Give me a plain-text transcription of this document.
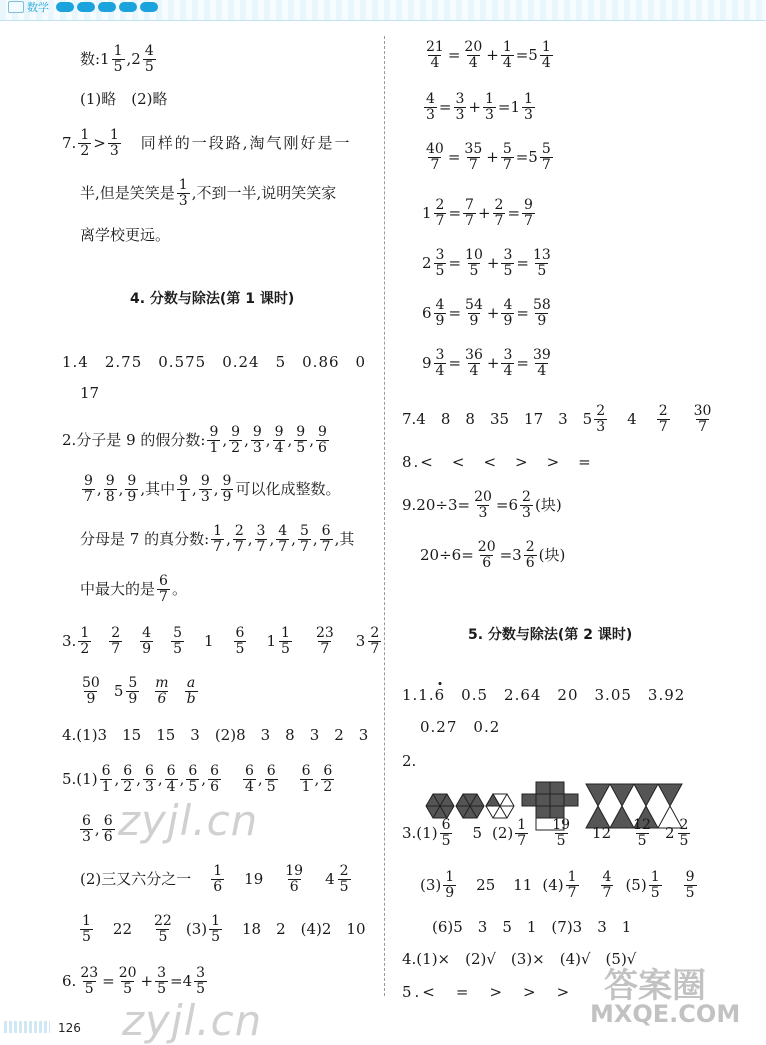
数学
数:1 $\frac{1}{5} ,2 \frac{4}{5}$
(1)略　(2)略
7. $\frac{1}{2} > \frac{1}{3}$ 同样的一段路,淘气刚好是一
半,但是笑笑是 $\frac{1}{3}$ ,不到一半,说明笑笑家
离学校更远。
4. 分数与除法(第 1 课时)
1.4　2.75　0.575　0.24　5　0.86　0
17
2.分子是 9 的假分数: $\frac{9}{1}$ , $\frac{9}{2}$ , $\frac{9}{3}$ , $\frac{9}{4}$ , $\frac{9}{5}$ , $\frac{9}{6}$
$\frac{9}{7}$ , $\frac{9}{8}$ , $\frac{9}{9}$ ,其中 $\frac{9}{1}$ , $\frac{9}{3}$ , $\frac{9}{9}$ 可以化成整数。
分母是 7 的真分数: $\frac{1}{7}$ , $\frac{2}{7}$ , $\frac{3}{7}$ , $\frac{4}{7}$ , $\frac{5}{7}$ , $\frac{6}{7}$ ,其
中最大的是 $\frac{6}{7}$ 。
3. $\frac{1}{2} \frac{2}{7} \frac{4}{9} \frac{5}{5} 1 \frac{6}{5} 1 \frac{1}{5} \frac{23}{7} 3 \frac{2}{7}$
$\frac{50}{9} 5 \frac{5}{9} \frac{m}{6} \frac{a}{b}$
4.(1)3　15　15　3　(2)8　3　8　3　2　3
$5.(1) \frac{6}{1}$ , $\frac{6}{2}$ , $\frac{6}{3}$ , $\frac{6}{4}$ , $\frac{6}{5}$ , $\frac{6}{6} \frac{6}{4}$ , $\frac{6}{5} \frac{6}{1}$ , $\frac{6}{2}$
$\frac{6}{3}$ , $\frac{6}{6}$
(2)三又六分之一 $\frac{1}{6} 19 \frac{19}{6} 4 \frac{2}{5}$
$\frac{1}{5} 22 \frac{22}{5} (3) \frac{1}{5} 18$　2　(4)2　10
6. $\frac{23}{5} = \frac{20}{5} + \frac{3}{5} =4 \frac{3}{5}$
$\frac{21}{4} = \frac{20}{4} + \frac{1}{4} =5 \frac{1}{4}$
$\frac{4}{3} = \frac{3}{3} + \frac{1}{3} =1 \frac{1}{3}$
$\frac{40}{7} = \frac{35}{7} + \frac{5}{7} =5 \frac{5}{7}$
$1 \frac{2}{7} = \frac{7}{7} + \frac{2}{7} = \frac{9}{7}$
$2 \frac{3}{5} = \frac{10}{5} + \frac{3}{5} = \frac{13}{5}$
$6 \frac{4}{9} = \frac{54}{9} + \frac{4}{9} = \frac{58}{9}$
$9 \frac{3}{4} = \frac{36}{4} + \frac{3}{4} = \frac{39}{4}$
7.4　8　8　35　17　3　$5 \frac{2}{3} 4 \frac{2}{7} \frac{30}{7}$
8.<　<　<　>　>　=
$9.20\div 3= \frac{20}{3} =6 \frac{2}{3}$ (块)
$20\div 6= \frac{20}{6} =3 \frac{2}{6}$ (块)
5. 分数与除法(第 2 课时)
1.1. 6 　0.5　2.64　20　3.05　3.92
0.27　0.2
2.
$3.(1) \frac{6}{5} 5$ $(2) \frac{1}{7} \frac{19}{5} 12 \frac{12}{5} 2 \frac{2}{5}$
$(3) \frac{1}{9} 25$ 11 $(4) \frac{1}{7} \frac{4}{7} (5) \frac{1}{5} \frac{9}{5}$
(6)5　3　5　1　(7)3　3　1
4.(1)×　(2)√　(3)×　(4)√　(5)√
5.<　=　>　>　>
zyjl.cn
zyjl.cn
答案圈
MXQE.COM
126
